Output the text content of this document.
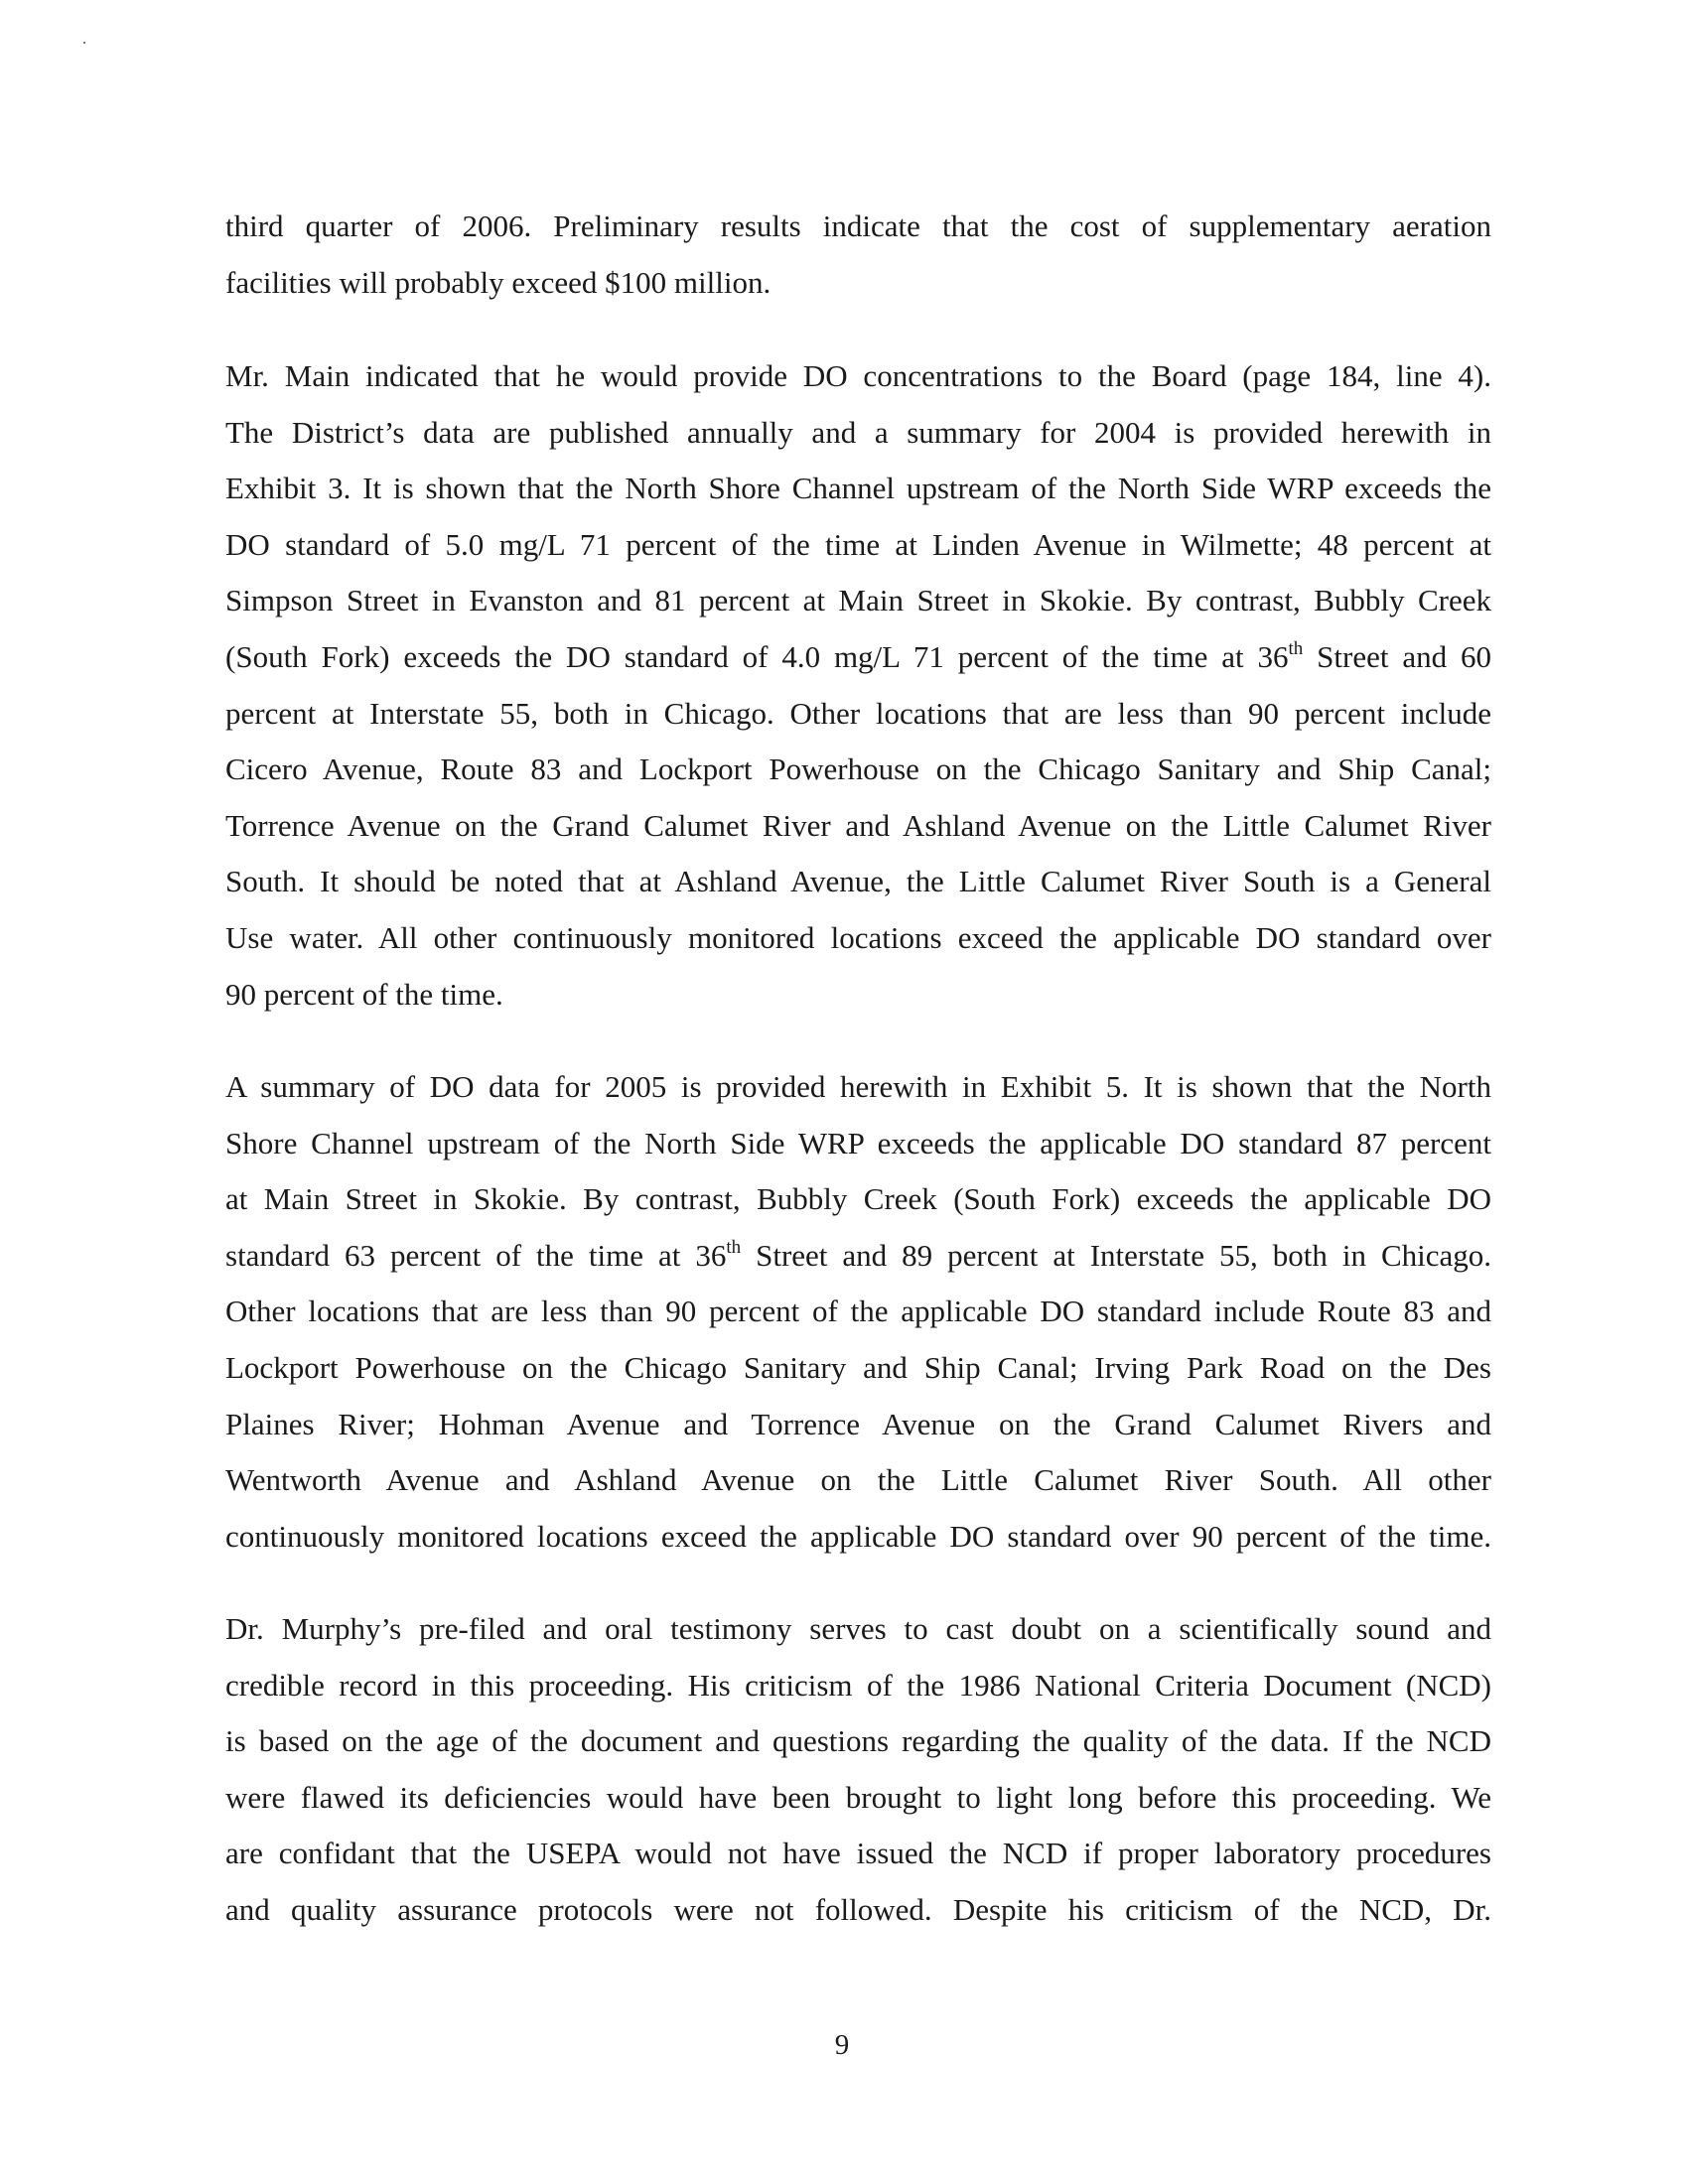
third quarter of 2006. Preliminary results indicate that the cost of supplementary aeration
facilities will probably exceed $100 million.

Mr. Main indicated that he would provide DO concentrations to the Board (page 184, line 4).
The District’s data are published annually and a summary for 2004 is provided herewith in
Exhibit 3. It is shown that the North Shore Channel upstream of the North Side WRP exceeds the
DO standard of 5.0 mg/L 71 percent of the time at Linden Avenue in Wilmette; 48 percent at
Simpson Street in Evanston and 81 percent at Main Street in Skokie. By contrast, Bubbly Creek
(South Fork) exceeds the DO standard of 4.0 mg/L 71 percent of the time at 36th Street and 60
percent at Interstate 55, both in Chicago. Other locations that are less than 90 percent include
Cicero Avenue, Route 83 and Lockport Powerhouse on the Chicago Sanitary and Ship Canal;
Torrence Avenue on the Grand Calumet River and Ashland Avenue on the Little Calumet River
South. It should be noted that at Ashland Avenue, the Little Calumet River South is a General
Use water. All other continuously monitored locations exceed the applicable DO standard over
90 percent of the time.

A summary of DO data for 2005 is provided herewith in Exhibit 5. It is shown that the North
Shore Channel upstream of the North Side WRP exceeds the applicable DO standard 87 percent
at Main Street in Skokie. By contrast, Bubbly Creek (South Fork) exceeds the applicable DO
standard 63 percent of the time at 36th Street and 89 percent at Interstate 55, both in Chicago.
Other locations that are less than 90 percent of the applicable DO standard include Route 83 and
Lockport Powerhouse on the Chicago Sanitary and Ship Canal; Irving Park Road on the Des
Plaines River; Hohman Avenue and Torrence Avenue on the Grand Calumet Rivers and
Wentworth Avenue and Ashland Avenue on the Little Calumet River South. All other
continuously monitored locations exceed the applicable DO standard over 90 percent of the time.

Dr. Murphy’s pre-filed and oral testimony serves to cast doubt on a scientifically sound and
credible record in this proceeding. His criticism of the 1986 National Criteria Document (NCD)
is based on the age of the document and questions regarding the quality of the data. If the NCD
were flawed its deficiencies would have been brought to light long before this proceeding. We
are confidant that the USEPA would not have issued the NCD if proper laboratory procedures
and quality assurance protocols were not followed. Despite his criticism of the NCD, Dr.

9
